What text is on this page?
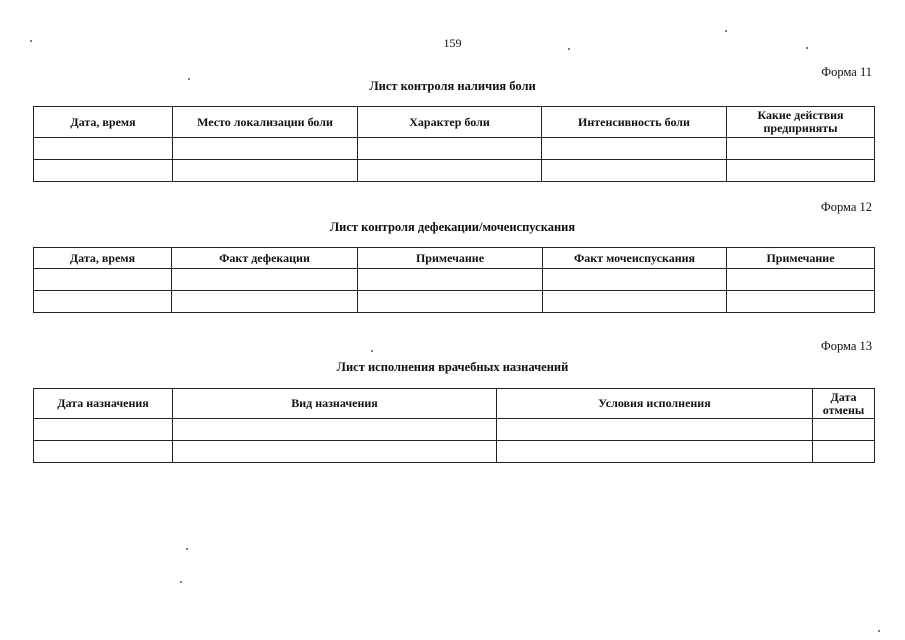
159
Форма 11
Лист контроля наличия боли
Дата, время	Место локализации боли	Характер боли	Интенсивность боли	Какие действия предприняты

Форма 12
Лист контроля дефекации/мочеиспускания
Дата, время	Факт дефекации	Примечание	Факт мочеиспускания	Примечание

Форма 13
Лист исполнения врачебных назначений
Дата назначения	Вид назначения	Условия исполнения	Дата отмены
